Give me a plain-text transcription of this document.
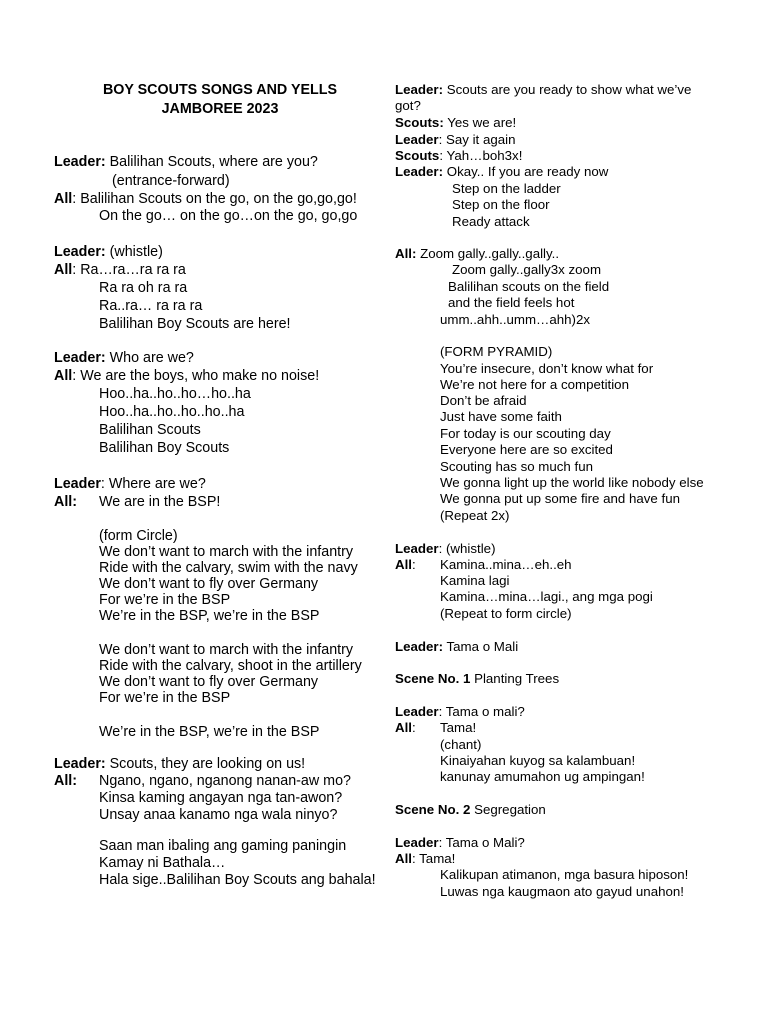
BOY SCOUTS SONGS AND YELLS
JAMBOREE 2023
Leader: Balilihan Scouts, where are you?
(entrance-forward)
All: Balilihan Scouts on the go, on the go,go,go!
On the go… on the go…on the go, go,go
Leader: (whistle)
All: Ra…ra…ra ra ra
Ra ra oh ra ra
Ra..ra… ra ra ra
Balilihan Boy Scouts are here!
Leader: Who are we?
All: We are the boys, who make no noise!
Hoo..ha..ho..ho…ho..ha
Hoo..ha..ho..ho..ho..ha
Balilihan Scouts
Balilihan Boy Scouts
Leader: Where are we?
All: We are in the BSP!
(form Circle)
We don’t want to march with the infantry
Ride with the calvary, swim with the navy
We don’t want to fly over Germany
For we’re in the BSP
We’re in the BSP, we’re in the BSP
We don’t want to march with the infantry
Ride with the calvary, shoot in the artillery
We don’t want to fly over Germany
For we’re in the BSP
We’re in the BSP, we’re in the BSP
Leader: Scouts, they are looking on us!
All: Ngano, ngano, nganong nanan-aw mo?
Kinsa kaming angayan nga tan-awon?
Unsay anaa kanamo nga wala ninyo?
Saan man ibaling ang gaming paningin
Kamay ni Bathala…
Hala sige..Balilihan Boy Scouts ang bahala!
Leader: Scouts are you ready to show what we’ve
got?
Scouts: Yes we are!
Leader: Say it again
Scouts: Yah…boh3x!
Leader: Okay.. If you are ready now
Step on the ladder
Step on the floor
Ready attack
All: Zoom gally..gally..gally..
Zoom gally..gally3x zoom
Balilihan scouts on the field
and the field feels hot
umm..ahh..umm…ahh)2x
(FORM PYRAMID)
You’re insecure, don’t know what for
We’re not here for a competition
Don’t be afraid
Just have some faith
For today is our scouting day
Everyone here are so excited
Scouting has so much fun
We gonna light up the world like nobody else
We gonna put up some fire and have fun
(Repeat 2x)
Leader: (whistle)
All: Kamina..mina…eh..eh
Kamina lagi
Kamina…mina…lagi., ang mga pogi
(Repeat to form circle)
Leader: Tama o Mali
Scene No. 1 Planting Trees
Leader: Tama o mali?
All: Tama!
(chant)
Kinaiyahan kuyog sa kalambuan!
kanunay amumahon ug ampingan!
Scene No. 2 Segregation
Leader: Tama o Mali?
All: Tama!
Kalikupan atimanon, mga basura hiposon!
Luwas nga kaugmaon ato gayud unahon!
